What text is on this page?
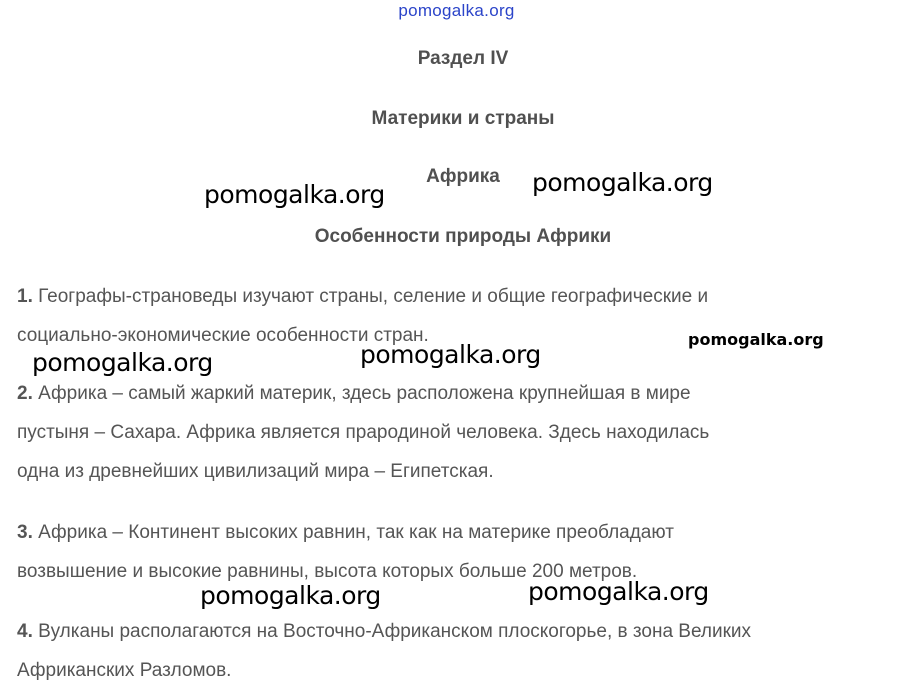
pomogalka.org
Раздел IV
Материки и страны
Африка
Особенности природы Африки
1. Географы-страноведы изучают страны, селение и общие географические и
социально-экономические особенности стран.
2. Африка – самый жаркий материк, здесь расположена крупнейшая в мире
пустыня – Сахара. Африка является прародиной человека. Здесь находилась
одна из древнейших цивилизаций мира – Египетская.
3. Африка – Континент высоких равнин, так как на материке преобладают
возвышение и высокие равнины, высота которых больше 200 метров.
4. Вулканы располагаются на Восточно-Африканском плоскогорье, в зона Великих
Африканских Разломов.
pomogalka.org	pomogalka.org
pomogalka.org	pomogalka.org
pomogalka.org
pomogalka.org	pomogalka.org
